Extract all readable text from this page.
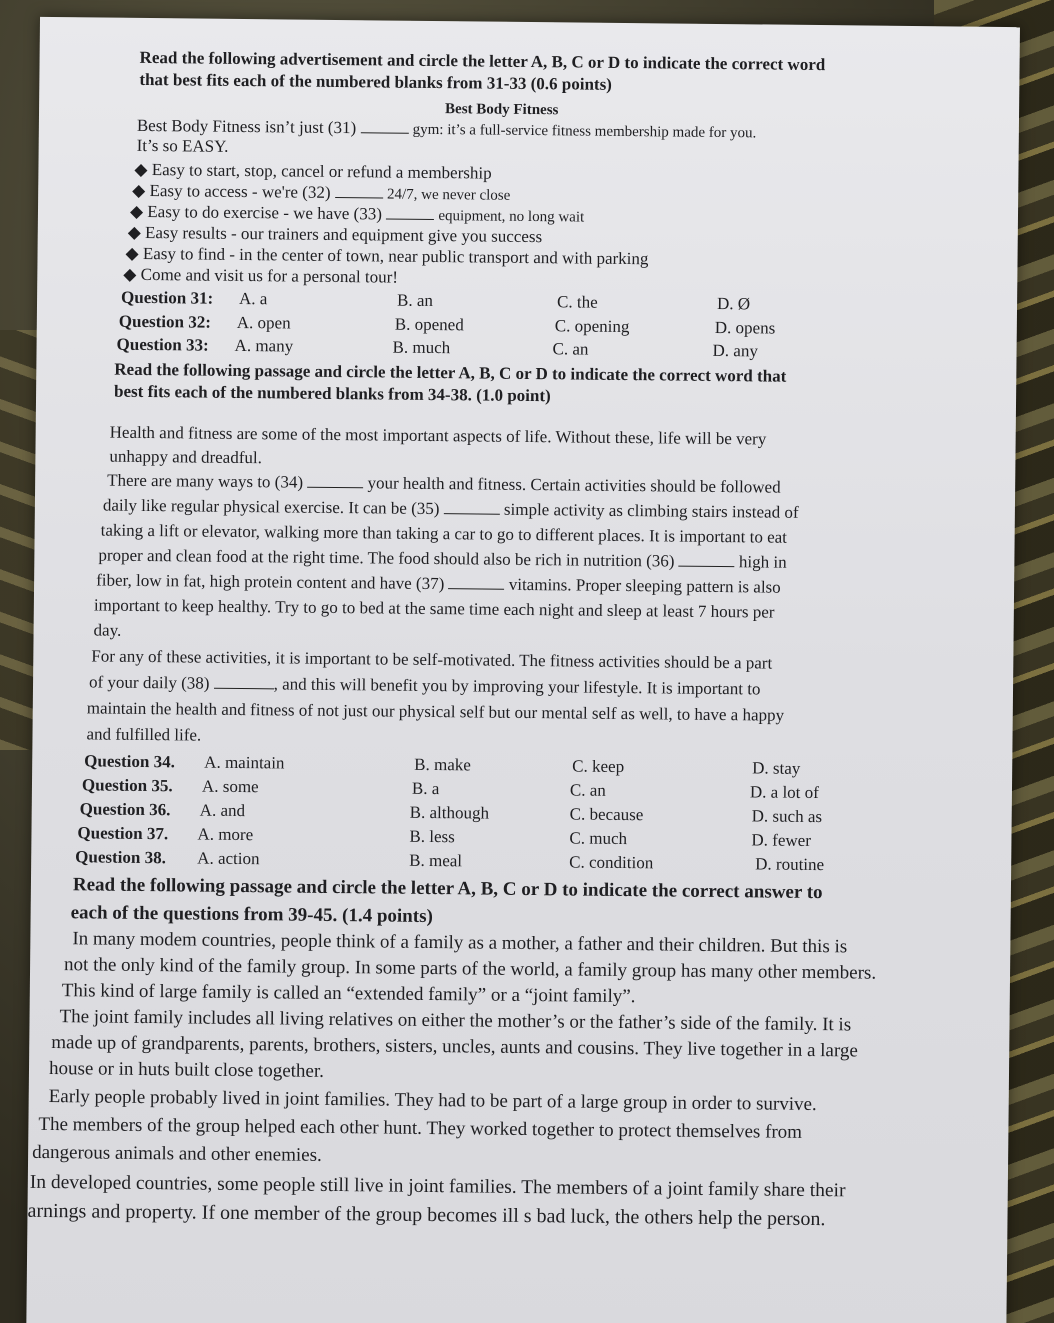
Read the following advertisement and circle the letter A, B, C or D to indicate the correct word
that best fits each of the numbered blanks from 31-33 (0.6 points)
Best Body Fitness
Best Body Fitness isn’t just (31)	gym: it’s a full-service fitness membership made for you.
It’s so EASY.
◆ Easy to start, stop, cancel or refund a membership
◆ Easy to access - we're (32)	24/7, we never close
◆ Easy to do exercise - we have (33)	equipment, no long wait
◆ Easy results - our trainers and equipment give you success
◆ Easy to find - in the center of town, near public transport and with parking
◆ Come and visit us for a personal tour!
Question 31: A. a	B. an	C. the	D. Ø
Question 32: A. open	B. opened	C. opening	D. opens
Question 33: A. many	B. much	C. an	D. any
Read the following passage and circle the letter A, B, C or D to indicate the correct word that
best fits each of the numbered blanks from 34-38. (1.0 point)
Health and fitness are some of the most important aspects of life. Without these, life will be very
unhappy and dreadful.
There are many ways to (34)	your health and fitness. Certain activities should be followed
daily like regular physical exercise. It can be (35)	simple activity as climbing stairs instead of
taking a lift or elevator, walking more than taking a car to go to different places. It is important to eat
proper and clean food at the right time. The food should also be rich in nutrition (36)	high in
fiber, low in fat, high protein content and have (37)	vitamins. Proper sleeping pattern is also
important to keep healthy. Try to go to bed at the same time each night and sleep at least 7 hours per
day.
For any of these activities, it is important to be self-motivated. The fitness activities should be a part
of your daily (38)	, and this will benefit you by improving your lifestyle. It is important to
maintain the health and fitness of not just our physical self but our mental self as well, to have a happy
and fulfilled life.
Question 34. A. maintain	B. make	C. keep	D. stay
Question 35. A. some	B. a	C. an	D. a lot of
Question 36. A. and	B. although	C. because	D. such as
Question 37. A. more	B. less	C. much	D. fewer
Question 38. A. action	B. meal	C. condition	D. routine
Read the following passage and circle the letter A, B, C or D to indicate the correct answer to
each of the questions from 39-45. (1.4 points)
In many modem countries, people think of a family as a mother, a father and their children. But this is
not the only kind of the family group. In some parts of the world, a family group has many other members.
This kind of large family is called an “extended family” or a “joint family”.
The joint family includes all living relatives on either the mother’s or the father’s side of the family. It is
made up of grandparents, parents, brothers, sisters, uncles, aunts and cousins. They live together in a large
house or in huts built close together.
Early people probably lived in joint families. They had to be part of a large group in order to survive.
The members of the group helped each other hunt. They worked together to protect themselves from
dangerous animals and other enemies.
In developed countries, some people still live in joint families. The members of a joint family share their
arnings and property. If one member of the group becomes ill s bad luck, the others help the person.
